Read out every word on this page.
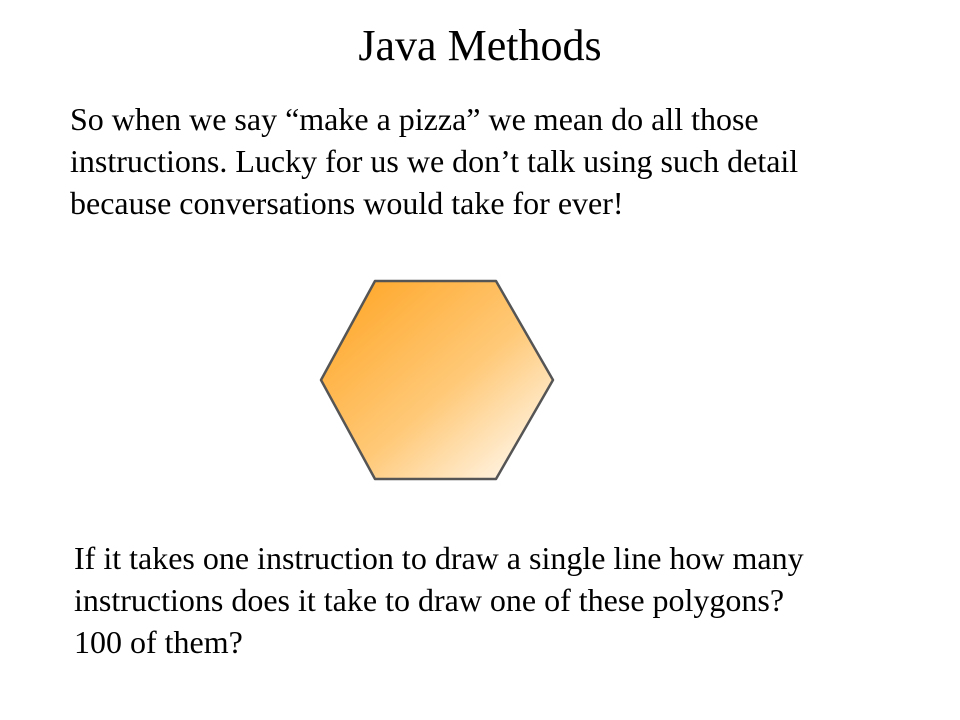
Java Methods

So when we say “make a pizza” we mean do all those
instructions. Lucky for us we don’t talk using such detail
because conversations would take for ever!

If it takes one instruction to draw a single line how many
instructions does it take to draw one of these polygons?
100 of them?
